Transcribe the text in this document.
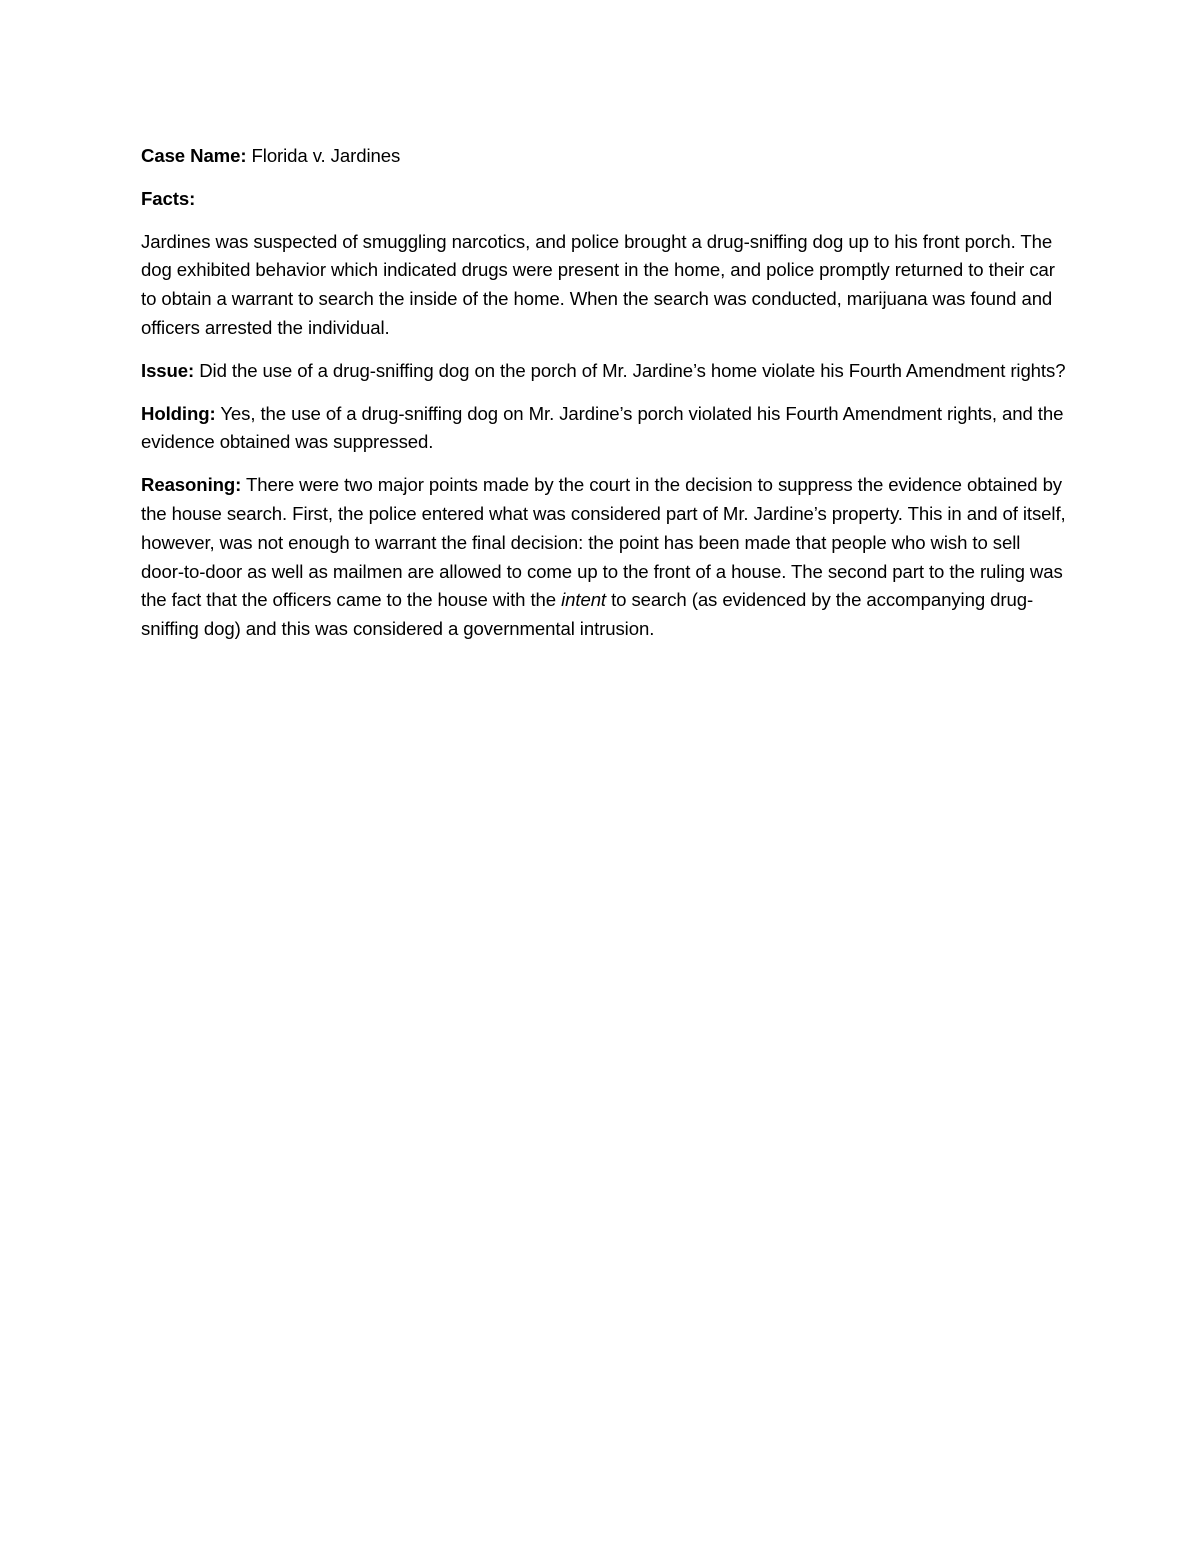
Case Name: Florida v. Jardines

Facts:

Jardines was suspected of smuggling narcotics, and police brought a drug-sniffing dog up to his front porch. The dog exhibited behavior which indicated drugs were present in the home, and police promptly returned to their car to obtain a warrant to search the inside of the home. When the search was conducted, marijuana was found and officers arrested the individual.

Issue: Did the use of a drug-sniffing dog on the porch of Mr. Jardine’s home violate his Fourth Amendment rights?

Holding: Yes, the use of a drug-sniffing dog on Mr. Jardine’s porch violated his Fourth Amendment rights, and the evidence obtained was suppressed.

Reasoning: There were two major points made by the court in the decision to suppress the evidence obtained by the house search. First, the police entered what was considered part of Mr. Jardine’s property. This in and of itself, however, was not enough to warrant the final decision: the point has been made that people who wish to sell door-to-door as well as mailmen are allowed to come up to the front of a house. The second part to the ruling was the fact that the officers came to the house with the intent to search (as evidenced by the accompanying drug-sniffing dog) and this was considered a governmental intrusion.
